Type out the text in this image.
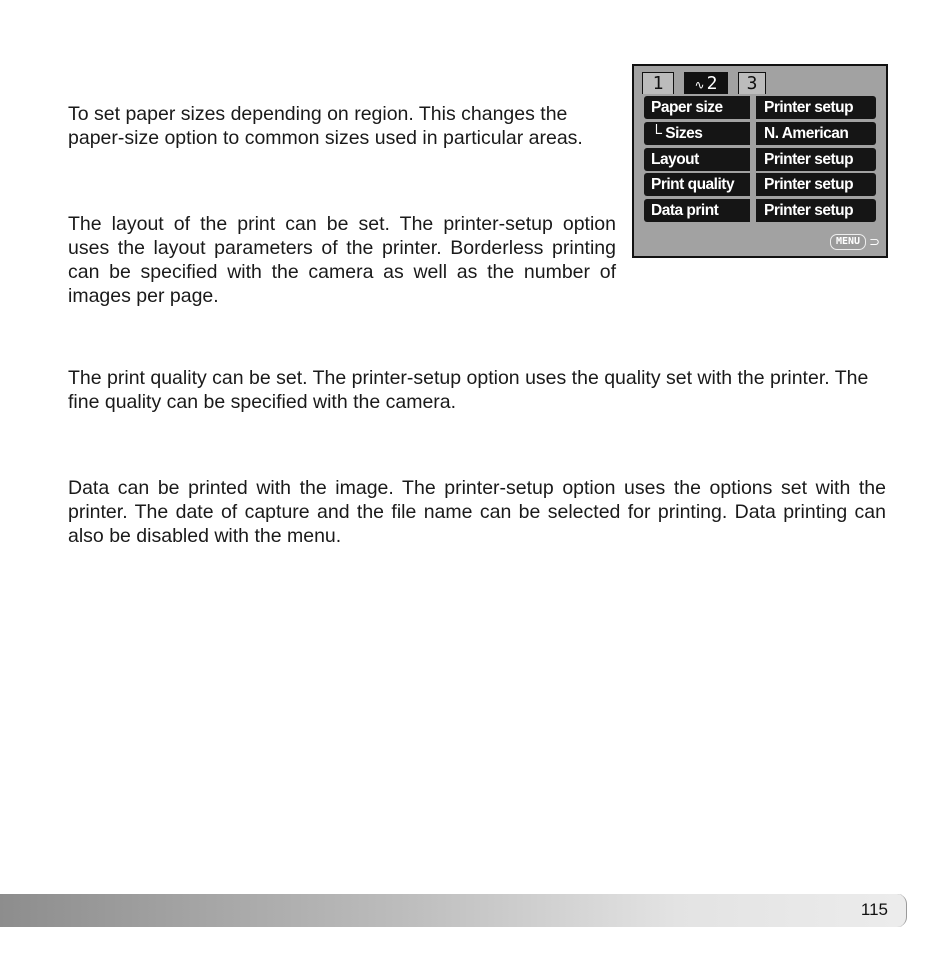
To set paper sizes depending on region. This changes the paper-size option to common sizes used in particular areas.

The layout of the print can be set. The printer-setup option uses the layout parameters of the printer. Borderless printing can be specified with the camera as well as the number of images per page.

The print quality can be set. The printer-setup option uses the quality set with the printer. The fine quality can be specified with the camera.

Data can be printed with the image. The printer-setup option uses the options set with the printer. The date of capture and the file name can be selected for printing. Data printing can also be disabled with the menu.

1	∿ 2	3
Paper size	Printer setup
└ Sizes	N. American
Layout	Printer setup
Print quality	Printer setup
Data print	Printer setup
MENU ⊃
115
